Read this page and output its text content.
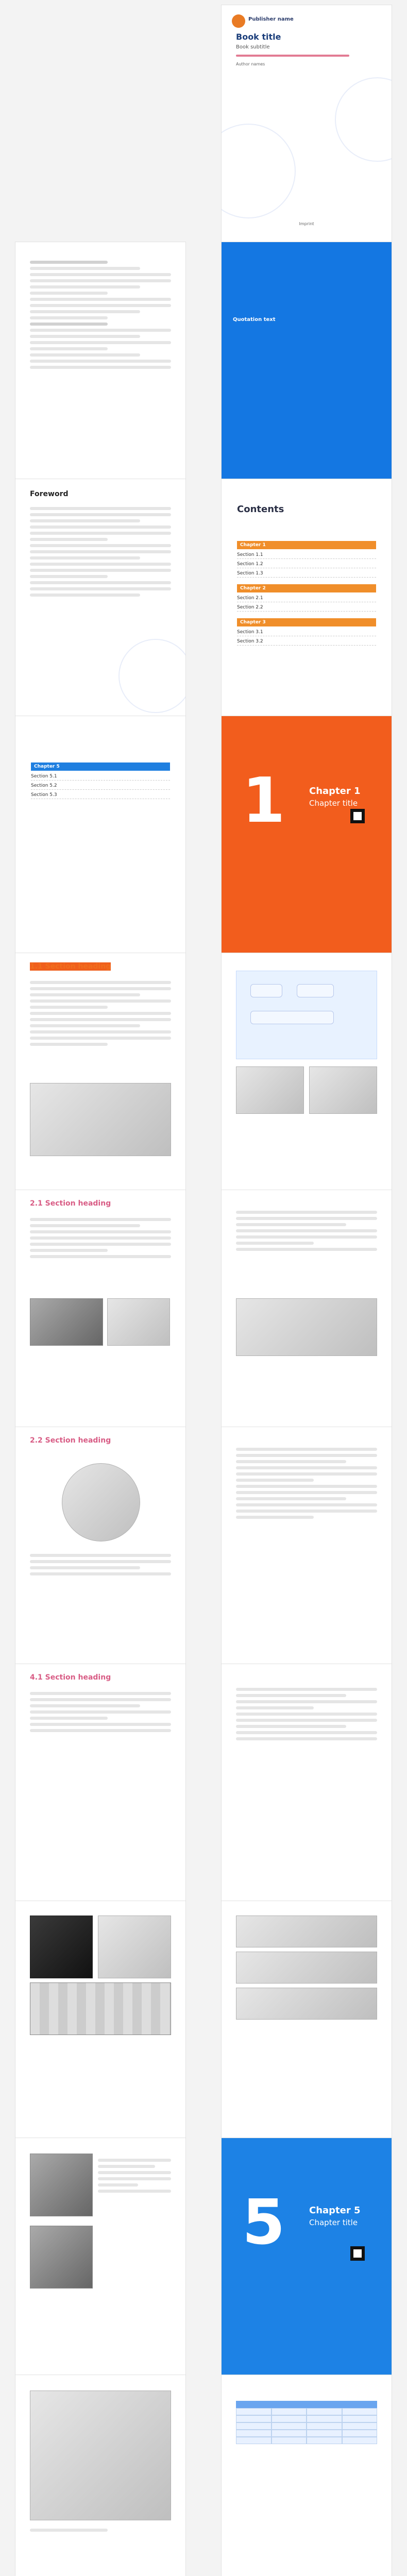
Publisher name
Book title
Book subtitle
Author names
Imprint
Quotation text
Foreword
Contents
Chapter 1
Section 1.1
Section 1.2
Section 1.3
Chapter 2
Section 2.1
Section 2.2
Chapter 3
Section 3.1
Section 3.2
Chapter 5
Section 5.1
Section 5.2
Section 5.3	1	Chapter 1
Chapter title
1.1 Section heading
2.1 Section heading
2.2 Section heading
4.1 Section heading
5	Chapter 5
Chapter title
